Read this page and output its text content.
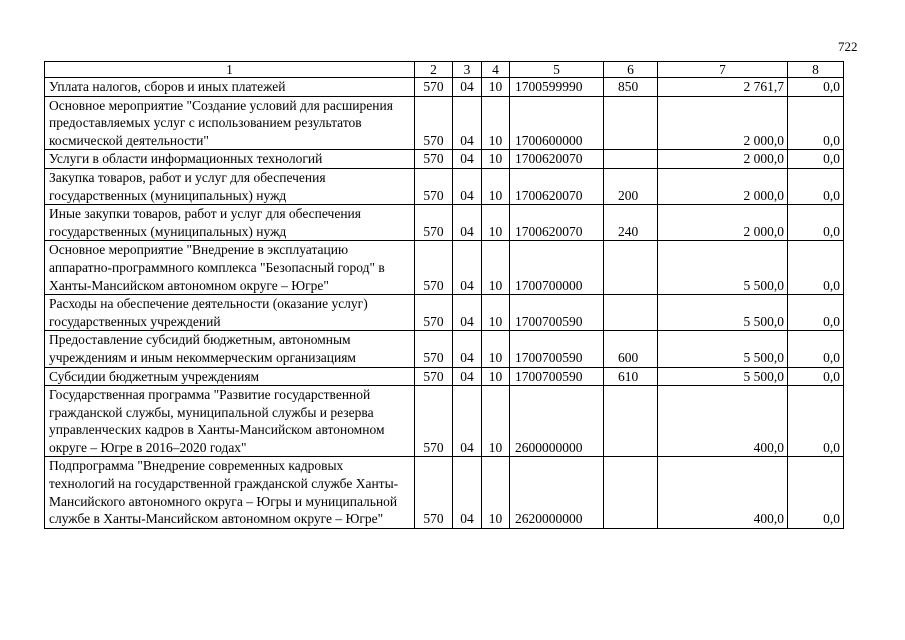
722
1	2	3	4	5	6	7	8
Уплата налогов, сборов и иных платежей	570	04	10	1700599990	850	2 761,7	0,0
Основное мероприятие "Создание условий для расширения предоставляемых услуг с использованием результатов космической деятельности"	570	04	10	1700600000		2 000,0	0,0
Услуги в области информационных технологий	570	04	10	1700620070		2 000,0	0,0
Закупка товаров, работ и услуг для обеспечения государственных (муниципальных) нужд	570	04	10	1700620070	200	2 000,0	0,0
Иные закупки товаров, работ и услуг для обеспечения государственных (муниципальных) нужд	570	04	10	1700620070	240	2 000,0	0,0
Основное мероприятие "Внедрение в эксплуатацию аппаратно-программного комплекса "Безопасный город" в Ханты-Мансийском автономном округе – Югре"	570	04	10	1700700000		5 500,0	0,0
Расходы на обеспечение деятельности (оказание услуг) государственных учреждений	570	04	10	1700700590		5 500,0	0,0
Предоставление субсидий бюджетным, автономным учреждениям и иным некоммерческим организациям	570	04	10	1700700590	600	5 500,0	0,0
Субсидии бюджетным учреждениям	570	04	10	1700700590	610	5 500,0	0,0
Государственная программа "Развитие государственной гражданской службы, муниципальной службы и резерва управленческих кадров в Ханты-Мансийском автономном округе – Югре в 2016–2020 годах"	570	04	10	2600000000		400,0	0,0
Подпрограмма "Внедрение современных кадровых технологий на государственной гражданской службе Ханты-Мансийского автономного округа – Югры и муниципальной службе в Ханты-Мансийском автономном округе – Югре"	570	04	10	2620000000		400,0	0,0
